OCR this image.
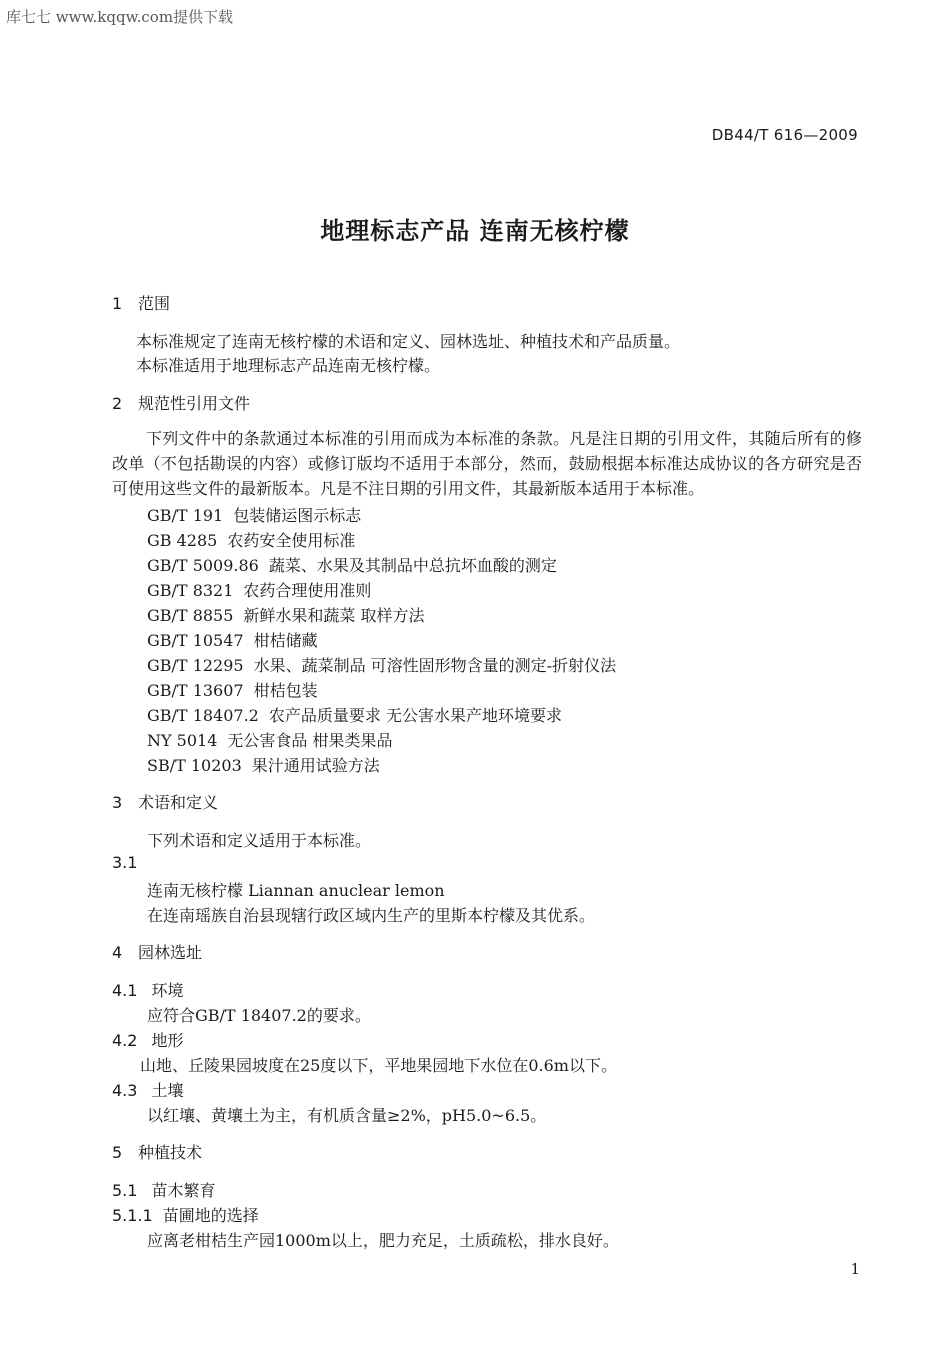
库七七 www.kqqw.com提供下载
DB44/T 616—2009
地理标志产品 连南无核柠檬
1 范围
本标准规定了连南无核柠檬的术语和定义、园林选址、种植技术和产品质量。
本标准适用于地理标志产品连南无核柠檬。
2 规范性引用文件
下列文件中的条款通过本标准的引用而成为本标准的条款。凡是注日期的引用文件，其随后所有的修改单（不包括勘误的内容）或修订版均不适用于本部分，然而，鼓励根据本标准达成协议的各方研究是否可使用这些文件的最新版本。凡是不注日期的引用文件，其最新版本适用于本标准。
GB/T 191 包装储运图示标志
GB 4285 农药安全使用标准
GB/T 5009.86 蔬菜、水果及其制品中总抗坏血酸的测定
GB/T 8321 农药合理使用准则
GB/T 8855 新鲜水果和蔬菜 取样方法
GB/T 10547 柑桔储藏
GB/T 12295 水果、蔬菜制品 可溶性固形物含量的测定-折射仪法
GB/T 13607 柑桔包装
GB/T 18407.2 农产品质量要求 无公害水果产地环境要求
NY 5014 无公害食品 柑果类果品
SB/T 10203 果汁通用试验方法
3 术语和定义
下列术语和定义适用于本标准。
3.1
连南无核柠檬 Liannan anuclear lemon
在连南瑶族自治县现辖行政区域内生产的里斯本柠檬及其优系。
4 园林选址
4.1 环境
应符合GB/T 18407.2的要求。
4.2 地形
山地、丘陵果园坡度在25度以下，平地果园地下水位在0.6m以下。
4.3 土壤
以红壤、黄壤土为主，有机质含量≥2%，pH5.0~6.5。
5 种植技术
5.1 苗木繁育
5.1.1 苗圃地的选择
应离老柑桔生产园1000m以上，肥力充足，土质疏松，排水良好。
1
